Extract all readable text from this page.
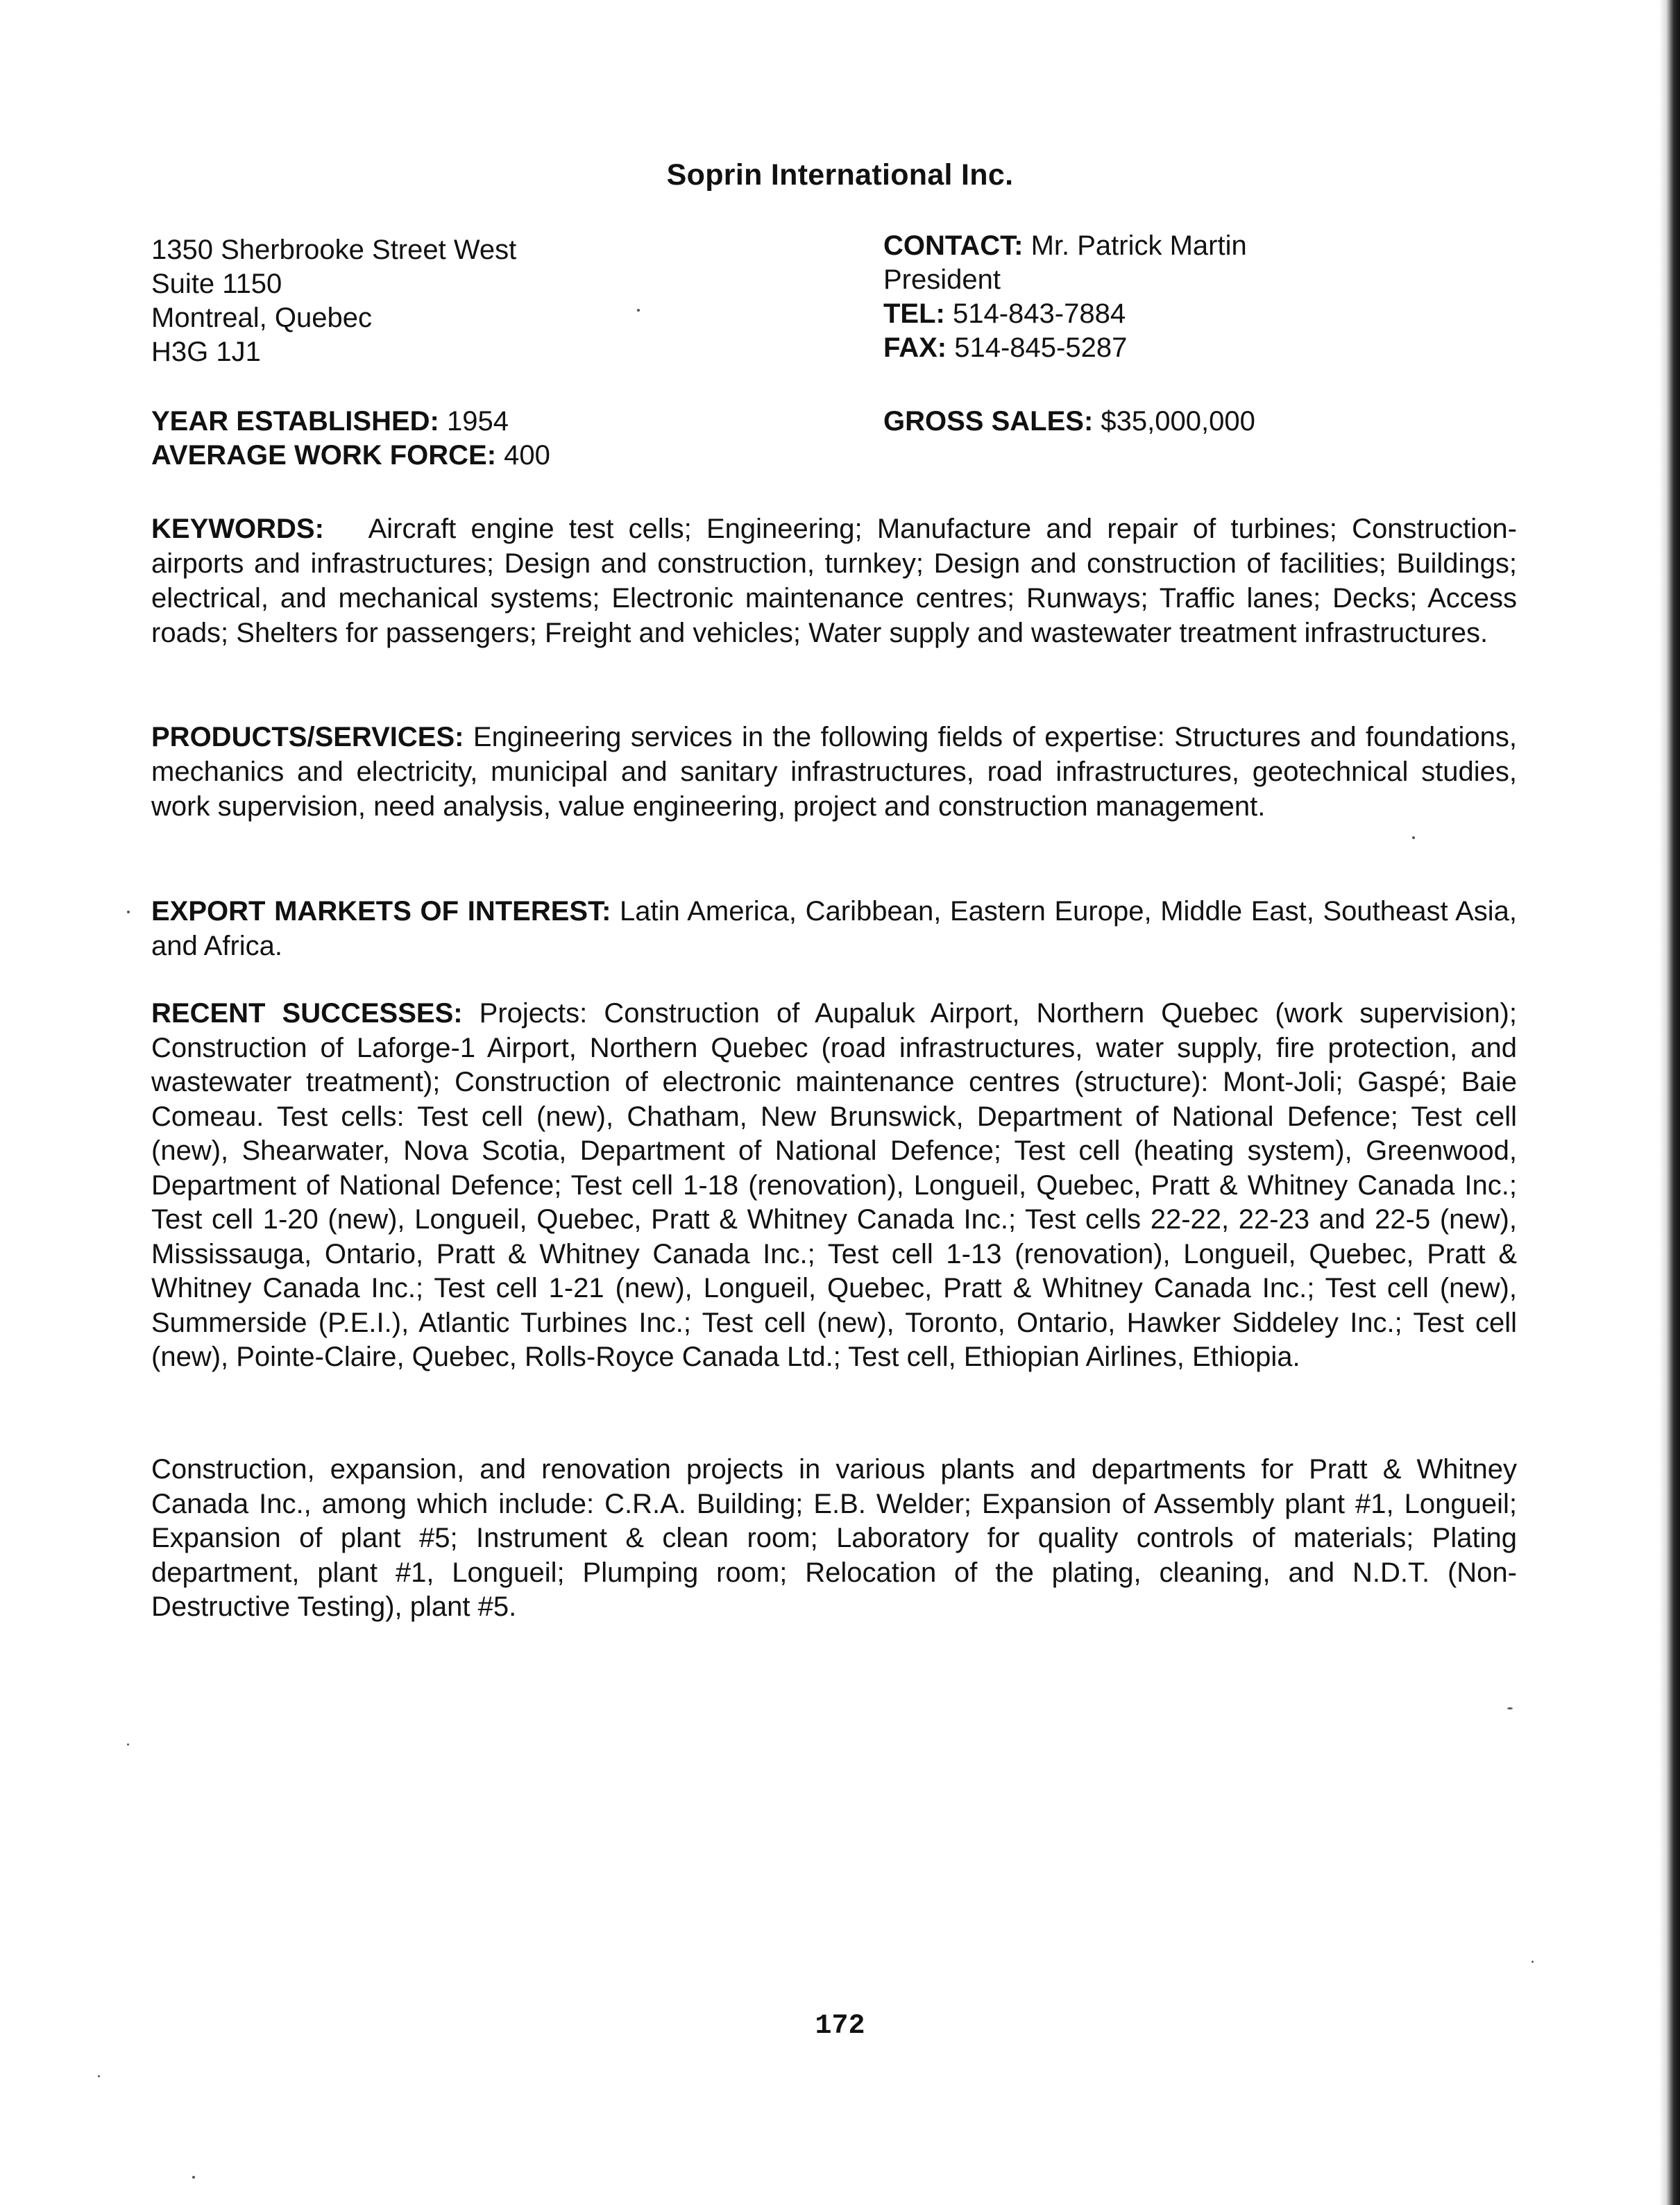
Soprin International Inc.
1350 Sherbrooke Street West
Suite 1150
Montreal, Quebec
H3G 1J1
CONTACT: Mr. Patrick Martin
President
TEL: 514-843-7884
FAX: 514-845-5287
YEAR ESTABLISHED: 1954
AVERAGE WORK FORCE: 400
GROSS SALES: $35,000,000
KEYWORDS: Aircraft engine test cells; Engineering; Manufacture and repair of turbines; Construction-airports and infrastructures; Design and construction, turnkey; Design and construction of facilities; Buildings; electrical, and mechanical systems; Electronic maintenance centres; Runways; Traffic lanes; Decks; Access roads; Shelters for passengers; Freight and vehicles; Water supply and wastewater treatment infrastructures.
PRODUCTS/SERVICES: Engineering services in the following fields of expertise: Structures and foundations, mechanics and electricity, municipal and sanitary infrastructures, road infrastructures, geotechnical studies, work supervision, need analysis, value engineering, project and construction management.
EXPORT MARKETS OF INTEREST: Latin America, Caribbean, Eastern Europe, Middle East, Southeast Asia, and Africa.
RECENT SUCCESSES: Projects: Construction of Aupaluk Airport, Northern Quebec (work supervision); Construction of Laforge-1 Airport, Northern Quebec (road infrastructures, water supply, fire protection, and wastewater treatment); Construction of electronic maintenance centres (structure): Mont-Joli; Gaspé; Baie Comeau. Test cells: Test cell (new), Chatham, New Brunswick, Department of National Defence; Test cell (new), Shearwater, Nova Scotia, Department of National Defence; Test cell (heating system), Greenwood, Department of National Defence; Test cell 1-18 (renovation), Longueil, Quebec, Pratt & Whitney Canada Inc.; Test cell 1-20 (new), Longueil, Quebec, Pratt & Whitney Canada Inc.; Test cells 22-22, 22-23 and 22-5 (new), Mississauga, Ontario, Pratt & Whitney Canada Inc.; Test cell 1-13 (renovation), Longueil, Quebec, Pratt & Whitney Canada Inc.; Test cell 1-21 (new), Longueil, Quebec, Pratt & Whitney Canada Inc.; Test cell (new), Summerside (P.E.I.), Atlantic Turbines Inc.; Test cell (new), Toronto, Ontario, Hawker Siddeley Inc.; Test cell (new), Pointe-Claire, Quebec, Rolls-Royce Canada Ltd.; Test cell, Ethiopian Airlines, Ethiopia.
Construction, expansion, and renovation projects in various plants and departments for Pratt & Whitney Canada Inc., among which include: C.R.A. Building; E.B. Welder; Expansion of Assembly plant #1, Longueil; Expansion of plant #5; Instrument & clean room; Laboratory for quality controls of materials; Plating department, plant #1, Longueil; Plumping room; Relocation of the plating, cleaning, and N.D.T. (Non-Destructive Testing), plant #5.
172
